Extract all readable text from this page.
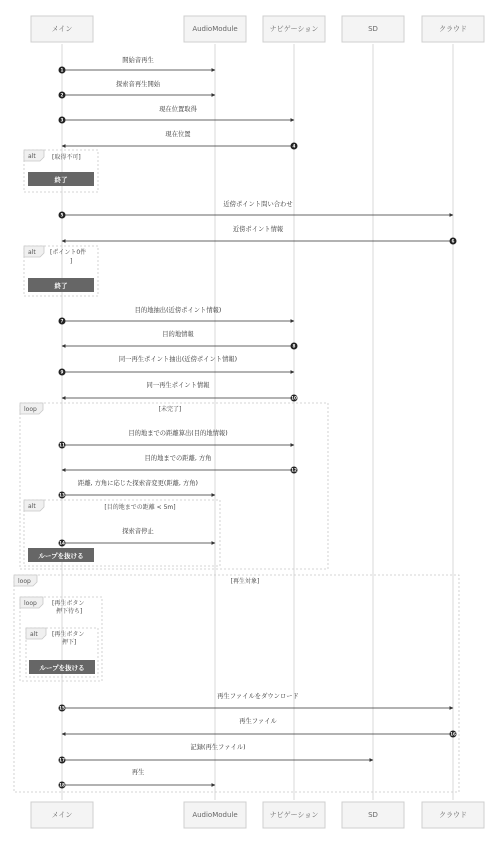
メイン	AudioModule	ナビゲーション	SD	クラウド
メイン	AudioModule	ナビゲーション	SD	クラウド
alt	[取得不可]
alt [ポイント0件
]
loop	[未完了]
alt	[目的地までの距離 < 5m]
loop	[再生対象]
loop	[再生ボタン
押下待ち]
alt [再生ボタン
押下]
終了
終了
ループを抜ける
ループを抜ける
開始音再生
1
探索音再生開始
2
現在位置取得
3
現在位置
4
近傍ポイント問い合わせ
5
近傍ポイント情報
6
目的地抽出(近傍ポイント情報)
7
目的地情報
8
同一再生ポイント抽出(近傍ポイント情報)
9
同一再生ポイント情報
10
目的地までの距離算出(目的地情報)
11
目的地までの距離, 方角
12
距離, 方角に応じた探索音変更(距離, 方角)
13
探索音停止
14
再生ファイルをダウンロード
15
再生ファイル
16
記録(再生ファイル)
17
再生
18
